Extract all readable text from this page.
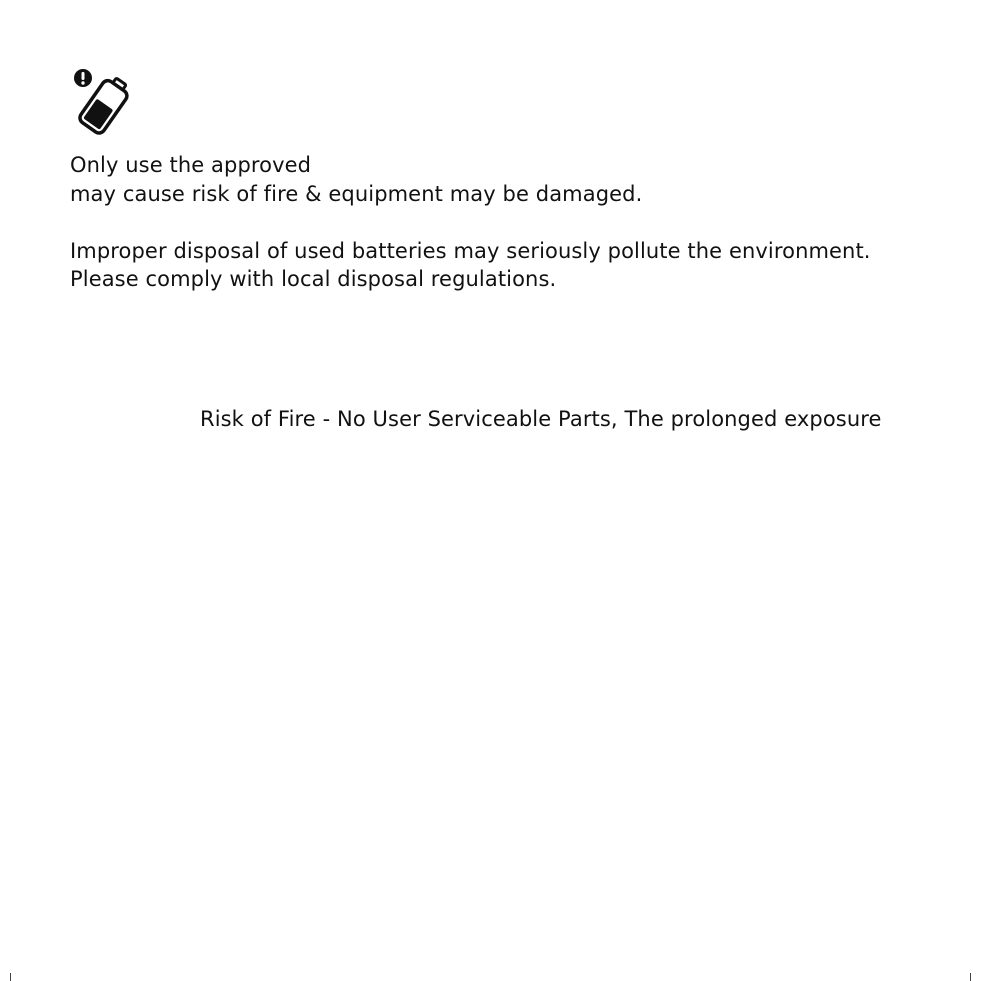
Only use the approved

may cause risk of fire & equipment may be damaged.

Improper disposal of used batteries may seriously pollute the environment.

Please comply with local disposal regulations.

Risk of Fire - No User Serviceable Parts, The prolonged exposure
